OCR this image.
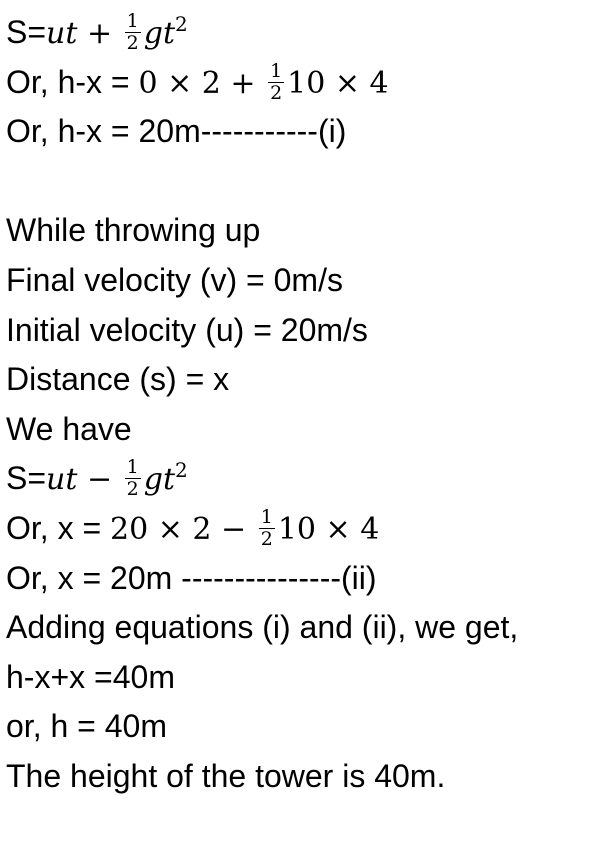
$S=ut + \frac{1}{2} gt^2$
Or, $h-x = 0 \times 2 + \frac{1}{2} 10 \times 4$
Or, h-x = 20m-----------(i)
While throwing up
Final velocity (v) = 0m/s
Initial velocity (u) = 20m/s
Distance (s) = x
We have
$S=ut - \frac{1}{2} gt^2$
Or, $x = 20 \times 2 - \frac{1}{2} 10 \times 4$
Or, x = 20m ---------------(ii)
Adding equations (i) and (ii), we get,
h-x+x =40m
or, h = 40m
The height of the tower is 40m.
